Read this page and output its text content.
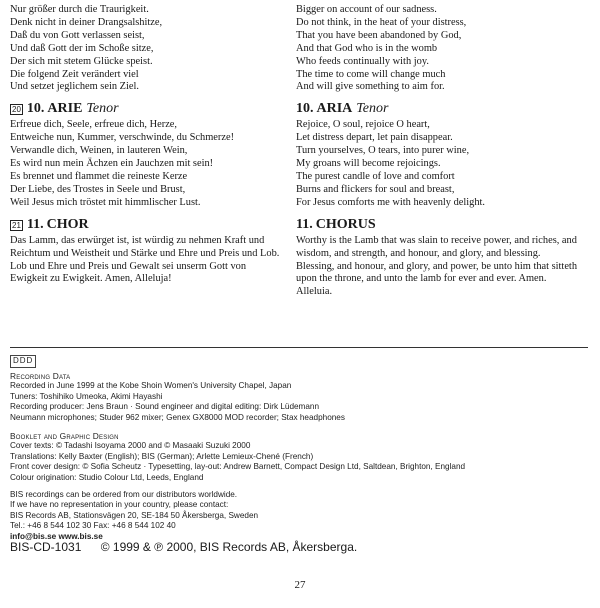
Nur größer durch die Traurigkeit.
Denk nicht in deiner Drangsalshitze,
Daß du von Gott verlassen seist,
Und daß Gott der im Schoße sitze,
Der sich mit stetem Glücke speist.
Die folgend Zeit verändert viel
Und setzet jeglichem sein Ziel.
20 10. ARIE Tenor
Erfreue dich, Seele, erfreue dich, Herze,
Entweiche nun, Kummer, verschwinde, du Schmerze!
Verwandle dich, Weinen, in lauteren Wein,
Es wird nun mein Ächzen ein Jauchzen mit sein!
Es brennet und flammet die reineste Kerze
Der Liebe, des Trostes in Seele und Brust,
Weil Jesus mich tröstet mit himmlischer Lust.
21 11. CHOR
Das Lamm, das erwürget ist, ist würdig zu nehmen Kraft und Reichtum und Weistheit und Stärke und Ehre und Preis und Lob. Lob und Ehre und Preis und Gewalt sei unserm Gott von Ewigkeit zu Ewigkeit. Amen, Alleluja!
Bigger on account of our sadness.
Do not think, in the heat of your distress,
That you have been abandoned by God,
And that God who is in the womb
Who feeds continually with joy.
The time to come will change much
And will give something to aim for.
10. ARIA Tenor
Rejoice, O soul, rejoice O heart,
Let distress depart, let pain disappear.
Turn yourselves, O tears, into purer wine,
My groans will become rejoicings.
The purest candle of love and comfort
Burns and flickers for soul and breast,
For Jesus comforts me with heavenly delight.
11. CHORUS
Worthy is the Lamb that was slain to receive power, and riches, and wisdom, and strength, and honour, and glory, and blessing. Blessing, and honour, and glory, and power, be unto him that sitteth upon the throne, and unto the lamb for ever and ever. Amen. Alleluia.
DDD
Recording Data
Recorded in June 1999 at the Kobe Shoin Women's University Chapel, Japan
Tuners: Toshihiko Umeoka, Akimi Hayashi
Recording producer: Jens Braun · Sound engineer and digital editing: Dirk Lüdemann
Neumann microphones; Studer 962 mixer; Genex GX8000 MOD recorder; Stax headphones
Booklet and Graphic Design
Cover texts: © Tadashi Isoyama 2000 and © Masaaki Suzuki 2000
Translations: Kelly Baxter (English); BIS (German); Arlette Lemieux-Chené (French)
Front cover design: © Sofia Scheutz · Typesetting, lay-out: Andrew Barnett, Compact Design Ltd, Saltdean, Brighton, England
Colour origination: Studio Colour Ltd, Leeds, England
BIS recordings can be ordered from our distributors worldwide.
If we have no representation in your country, please contact:
BIS Records AB, Stationsvägen 20, SE-184 50 Åkersberga, Sweden
Tel.: +46 8 544 102 30 Fax: +46 8 544 102 40
info@bis.se www.bis.se
BIS-CD-1031 © 1999 & ℗ 2000, BIS Records AB, Åkersberga.
27
